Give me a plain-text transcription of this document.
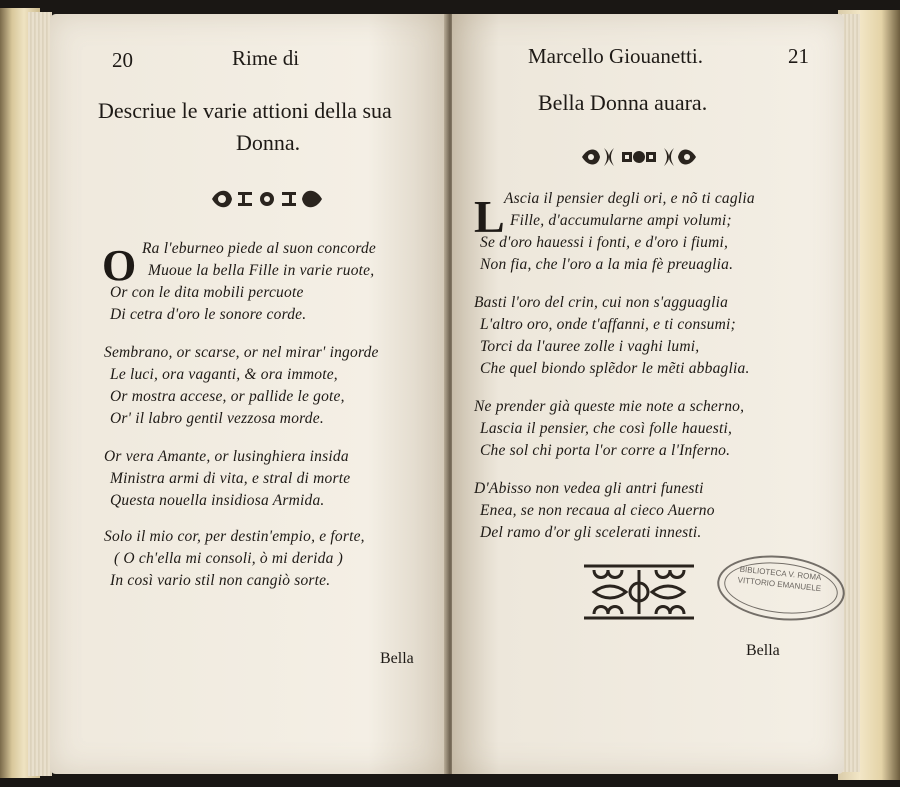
20	Rime di
Descriue le varie attioni della sua
Donna.
O Ra l'eburneo piede al suon concorde
Muoue la bella Fille in varie ruote,
Or con le dita mobili percuote
Di cetra d'oro le sonore corde.
Sembrano, or scarse, or nel mirar' ingorde
Le luci, ora vaganti, & ora immote,
Or mostra accese, or pallide le gote,
Or' il labro gentil vezzosa morde.
Or vera Amante, or lusinghiera insida
Ministra armi di vita, e stral di morte
Questa nouella insidiosa Armida.
Solo il mio cor, per destin'empio, e forte,
( O ch'ella mi consoli, ò mi derida )
In così vario stil non cangiò sorte.
Bella
Marcello Giouanetti.	21
Bella Donna auara.
L Ascia il pensier degli ori, e nõ ti caglia
Fille, d'accumularne ampi volumi;
Se d'oro hauessi i fonti, e d'oro i fiumi,
Non fia, che l'oro a la mia fè preuaglia.
Basti l'oro del crin, cui non s'agguaglia
L'altro oro, onde t'affanni, e ti consumi;
Torci da l'auree zolle i vaghi lumi,
Che quel biondo splẽdor le mẽti abbaglia.
Ne prender già queste mie note a scherno,
Lascia il pensier, che così folle hauesti,
Che sol chi porta l'or corre a l'Inferno.
D'Abisso non vedea gli antri funesti
Enea, se non recaua al cieco Auerno
Del ramo d'or gli scelerati innesti.
BIBLIOTECA V. ROMA VITTORIO EMANUELE
Bella
